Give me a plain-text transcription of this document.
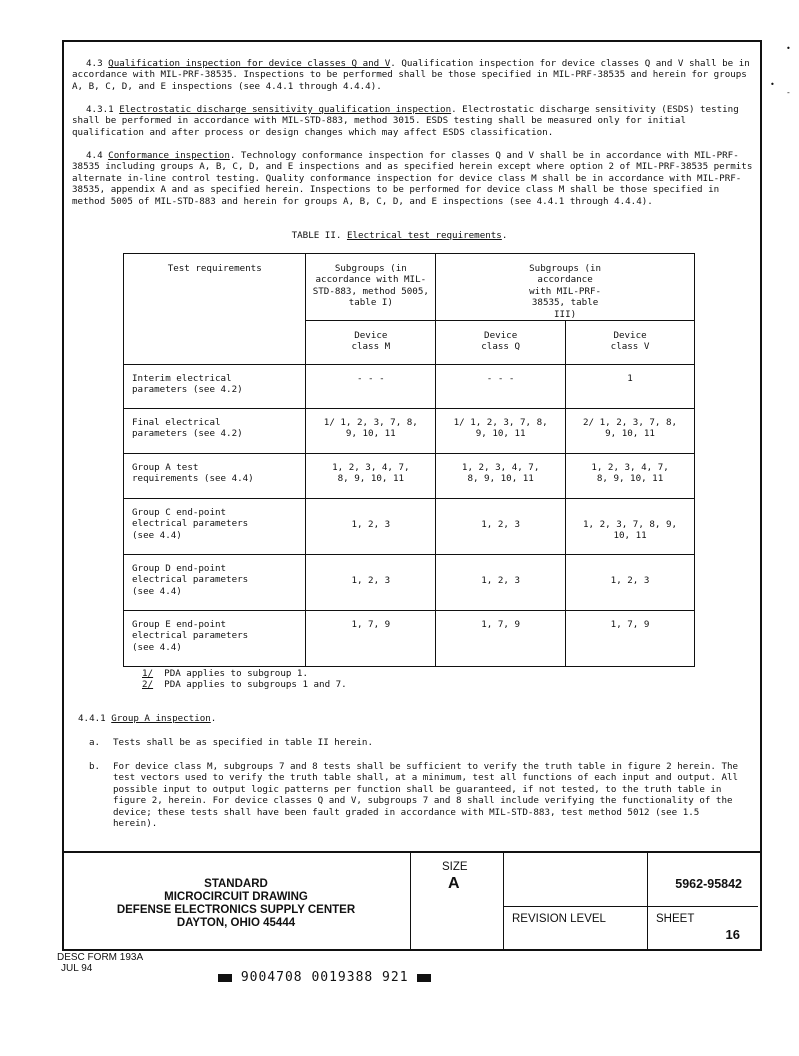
4.3 Qualification inspection for device classes Q and V. Qualification inspection for device classes Q and V shall be in accordance with MIL-PRF-38535. Inspections to be performed shall be those specified in MIL-PRF-38535 and herein for groups A, B, C, D, and E inspections (see 4.4.1 through 4.4.4).

4.3.1 Electrostatic discharge sensitivity qualification inspection. Electrostatic discharge sensitivity (ESDS) testing shall be performed in accordance with MIL-STD-883, method 3015. ESDS testing shall be measured only for initial qualification and after process or design changes which may affect ESDS classification.

4.4 Conformance inspection. Technology conformance inspection for classes Q and V shall be in accordance with MIL-PRF-38535 including groups A, B, C, D, and E inspections and as specified herein except where option 2 of MIL-PRF-38535 permits alternate in-line control testing. Quality conformance inspection for device class M shall be in accordance with MIL-PRF-38535, appendix A and as specified herein. Inspections to be performed for device class M shall be those specified in method 5005 of MIL-STD-883 and herein for groups A, B, C, D, and E inspections (see 4.4.1 through 4.4.4).

TABLE II. Electrical test requirements.
Test requirements	Subgroups (in accordance with MIL-STD-883, method 5005, table I)	Subgroups (in accordance with MIL-PRF-38535, table III)	
	Device class M	Device class Q	Device class V
Interim electrical parameters (see 4.2)	- - -	- - -	1
Final electrical parameters (see 4.2)	1/ 1, 2, 3, 7, 8, 9, 10, 11	1/ 1, 2, 3, 7, 8, 9, 10, 11	2/ 1, 2, 3, 7, 8, 9, 10, 11
Group A test requirements (see 4.4)	1, 2, 3, 4, 7, 8, 9, 10, 11	1, 2, 3, 4, 7, 8, 9, 10, 11	1, 2, 3, 4, 7, 8, 9, 10, 11
Group C end-point electrical parameters (see 4.4)	1, 2, 3	1, 2, 3	1, 2, 3, 7, 8, 9, 10, 11
Group D end-point electrical parameters (see 4.4)	1, 2, 3	1, 2, 3	1, 2, 3
Group E end-point electrical parameters (see 4.4)	1, 7, 9	1, 7, 9	1, 7, 9
1/ PDA applies to subgroup 1.
2/ PDA applies to subgroups 1 and 7.
4.4.1 Group A inspection.
a. Tests shall be as specified in table II herein.
b.	For device class M, subgroups 7 and 8 tests shall be sufficient to verify the truth table in figure 2 herein. The test vectors used to verify the truth table shall, at a minimum, test all functions of each input and output. All possible input to output logic patterns per function shall be guaranteed, if not tested, to the truth table in figure 2, herein. For device classes Q and V, subgroups 7 and 8 shall include verifying the functionality of the device; these tests shall have been fault graded in accordance with MIL-STD-883, test method 5012 (see 1.5 herein).
STANDARD
MICROCIRCUIT DRAWING
DEFENSE ELECTRONICS SUPPLY CENTER
DAYTON, OHIO 45444
SIZE
A	5962-95842
REVISION LEVEL	SHEET
16
DESC FORM 193A
JUL 94
9004708 0019388 921
•
•
-
